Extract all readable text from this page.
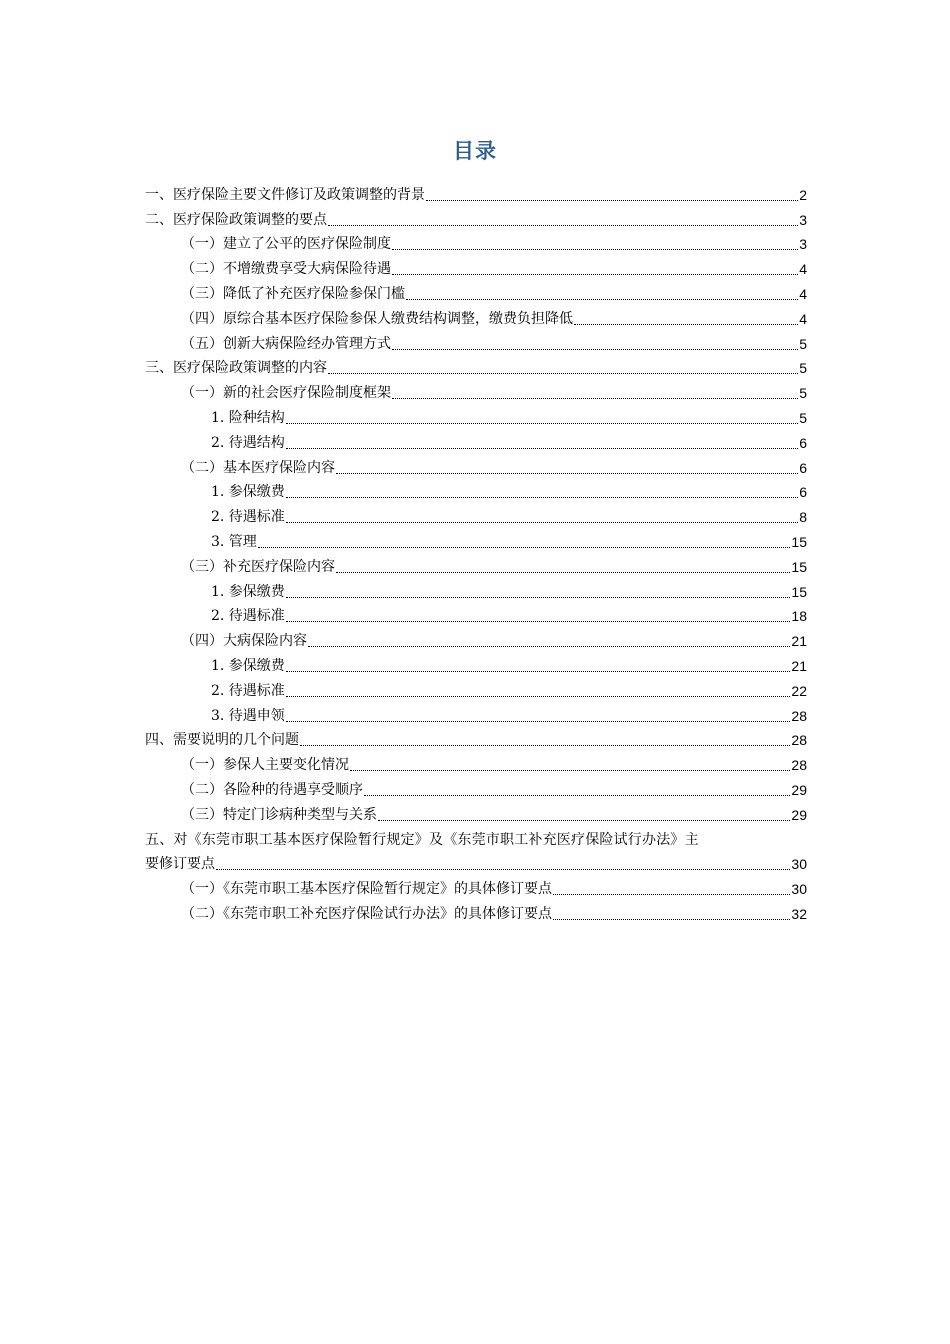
目录
一、医疗保险主要文件修订及政策调整的背景	2
二、医疗保险政策调整的要点	3
（一）建立了公平的医疗保险制度	3
（二）不增缴费享受大病保险待遇	4
（三）降低了补充医疗保险参保门槛	4
（四）原综合基本医疗保险参保人缴费结构调整，缴费负担降低	4
（五）创新大病保险经办管理方式	5
三、医疗保险政策调整的内容	5
（一）新的社会医疗保险制度框架	5
1. 险种结构	5
2. 待遇结构	6
（二）基本医疗保险内容	6
1. 参保缴费	6
2. 待遇标准	8
3. 管理	15
（三）补充医疗保险内容	15
1. 参保缴费	15
2. 待遇标准	18
（四）大病保险内容	21
1. 参保缴费	21
2. 待遇标准	22
3. 待遇申领	28
四、需要说明的几个问题	28
（一）参保人主要变化情况	28
（二）各险种的待遇享受顺序	29
（三）特定门诊病种类型与关系	29
五、对《东莞市职工基本医疗保险暂行规定》及《东莞市职工补充医疗保险试行办法》主
要修订要点	30
（一）《东莞市职工基本医疗保险暂行规定》的具体修订要点	30
（二）《东莞市职工补充医疗保险试行办法》的具体修订要点	32
